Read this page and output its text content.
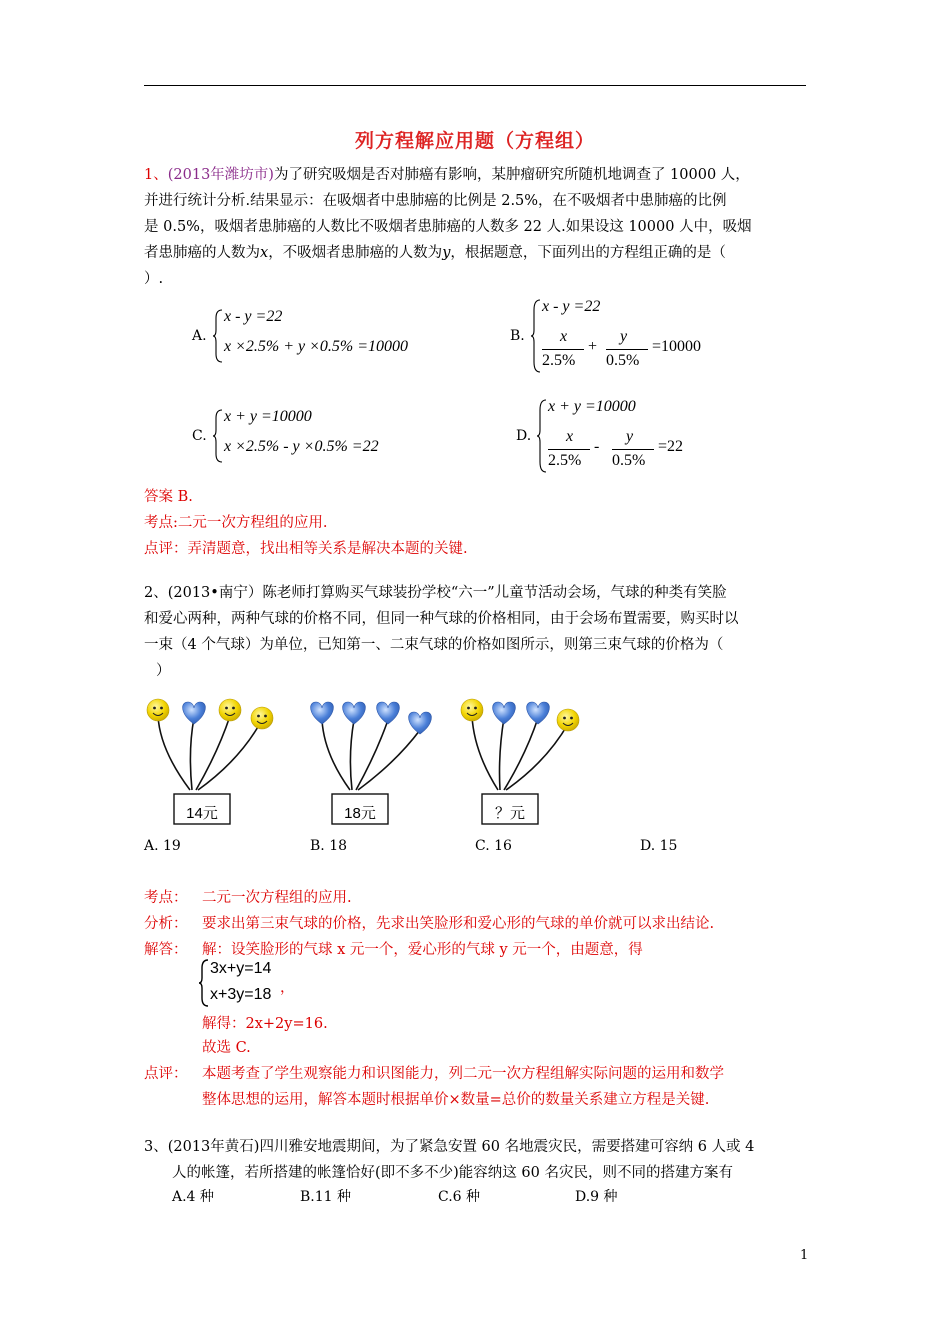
列方程解应用题（方程组）
1、(2013年潍坊市)为了研究吸烟是否对肺癌有影响，某肿瘤研究所随机地调查了 10000 人，
并进行统计分析.结果显示：在吸烟者中患肺癌的比例是 2.5%，在不吸烟者中患肺癌的比例
是 0.5%，吸烟者患肺癌的人数比不吸烟者患肺癌的人数多 22 人.如果设这 10000 人中，吸烟
者患肺癌的人数为x，不吸烟者患肺癌的人数为y，根据题意，下面列出的方程组正确的是（
）.
A.
x - y =22
x ×2.5% + y ×0.5% =10000
B.
x - y =22
x
2.5%
+
y
0.5%
=10000
C.
x + y =10000
x ×2.5% - y ×0.5% =22
D.
x + y =10000
x
2.5%
-
y
0.5%
=22
答案 B.
考点:二元一次方程组的应用.
点评：弄清题意，找出相等关系是解决本题的关键.
2、(2013•南宁）陈老师打算购买气球装扮学校“六一”儿童节活动会场，气球的种类有笑脸
和爱心两种，两种气球的价格不同，但同一种气球的价格相同，由于会场布置需要，购买时以
一束（4 个气球）为单位，已知第一、二束气球的价格如图所示，则第三束气球的价格为（
）
14元	18元	？元
A. 19	B. 18	C. 16	D. 15
考点： 二元一次方程组的应用.
分析： 要求出第三束气球的价格，先求出笑脸形和爱心形的气球的单价就可以求出结论.
解答： 解：设笑脸形的气球 x 元一个，爱心形的气球 y 元一个，由题意，得
3x+y=14
x+3y=18 ，
解得：2x+2y=16.
故选 C.
点评： 本题考查了学生观察能力和识图能力，列二元一次方程组解实际问题的运用和数学
整体思想的运用，解答本题时根据单价×数量=总价的数量关系建立方程是关键.
3、(2013年黄石)四川雅安地震期间，为了紧急安置 60 名地震灾民，需要搭建可容纳 6 人或 4
人的帐篷，若所搭建的帐篷恰好(即不多不少)能容纳这 60 名灾民，则不同的搭建方案有
A.4 种	B.11 种	C.6 种	D.9 种
1
